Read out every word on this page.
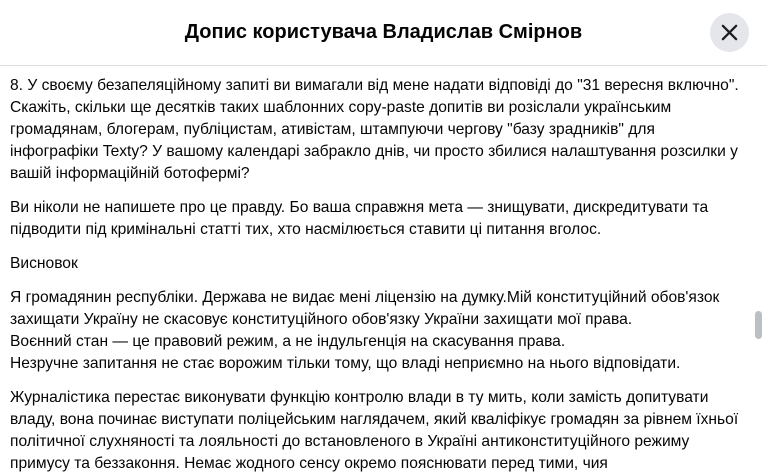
Допис користувача Владислав Смірнов

8. У своєму безапеляційному запиті ви вимагали від мене надати відповіді до "31 вересня включно". Скажіть, скільки ще десятків таких шаблонних copy-paste допитів ви розіслали українським громадянам, блогерам, публіцистам, ативістам, штампуючи чергову "базу зрадників" для інфографіки Texty? У вашому календарі забракло днів, чи просто збилися налаштування розсилки у вашій інформаційній ботофермі?

Ви ніколи не напишете про це правду. Бо ваша справжня мета — знищувати, дискредитувати та підводити під кримінальні статті тих, хто насмілюється ставити ці питання вголос.

Висновок

Я громадянин республіки. Держава не видає мені ліцензію на думку.Мій конституційний обов'язок захищати Україну не скасовує конституційного обов'язку України захищати мої права.
Воєнний стан — це правовий режим, а не індульгенція на скасування права.
Незручне запитання не стає ворожим тільки тому, що владі неприємно на нього відповідати.

Журналістика перестає виконувати функцію контролю влади в ту мить, коли замість допитувати владу, вона починає виступати поліцейським наглядачем, який кваліфікує громадян за рівнем їхньої політичної слухняності та лояльності до встановленого в Україні антиконституційного режиму примусу та беззаконня. Немає жодного сенсу окремо пояснювати перед тими, чия
